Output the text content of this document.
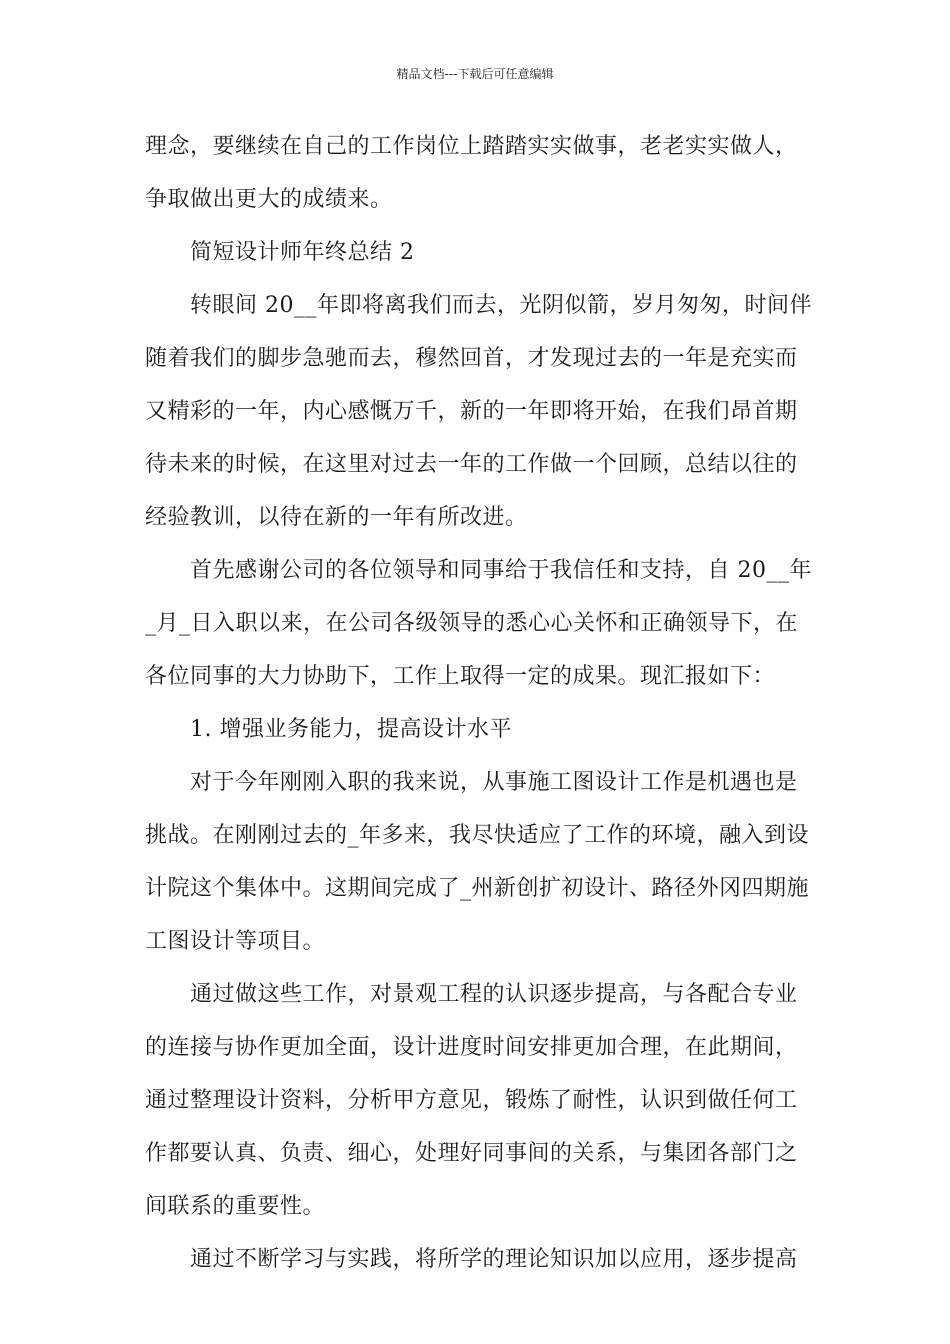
精品文档---下载后可任意编辑
理念，要继续在自己的工作岗位上踏踏实实做事，老老实实做人，
争取做出更大的成绩来。
简短设计师年终总结 2
转眼间 20__年即将离我们而去，光阴似箭，岁月匆匆，时间伴
随着我们的脚步急驰而去，穆然回首，才发现过去的一年是充实而
又精彩的一年，内心感慨万千，新的一年即将开始，在我们昂首期
待未来的时候，在这里对过去一年的工作做一个回顾，总结以往的
经验教训，以待在新的一年有所改进。
首先感谢公司的各位领导和同事给于我信任和支持，自 20__年
_月_日入职以来，在公司各级领导的悉心心关怀和正确领导下，在
各位同事的大力协助下，工作上取得一定的成果。现汇报如下：
1. 增强业务能力，提高设计水平
对于今年刚刚入职的我来说，从事施工图设计工作是机遇也是
挑战。在刚刚过去的_年多来，我尽快适应了工作的环境，融入到设
计院这个集体中。这期间完成了_州新创扩初设计、路径外冈四期施
工图设计等项目。
通过做这些工作，对景观工程的认识逐步提高，与各配合专业
的连接与协作更加全面，设计进度时间安排更加合理，在此期间，
通过整理设计资料，分析甲方意见，锻炼了耐性，认识到做任何工
作都要认真、负责、细心，处理好同事间的关系，与集团各部门之
间联系的重要性。
通过不断学习与实践，将所学的理论知识加以应用，逐步提高
